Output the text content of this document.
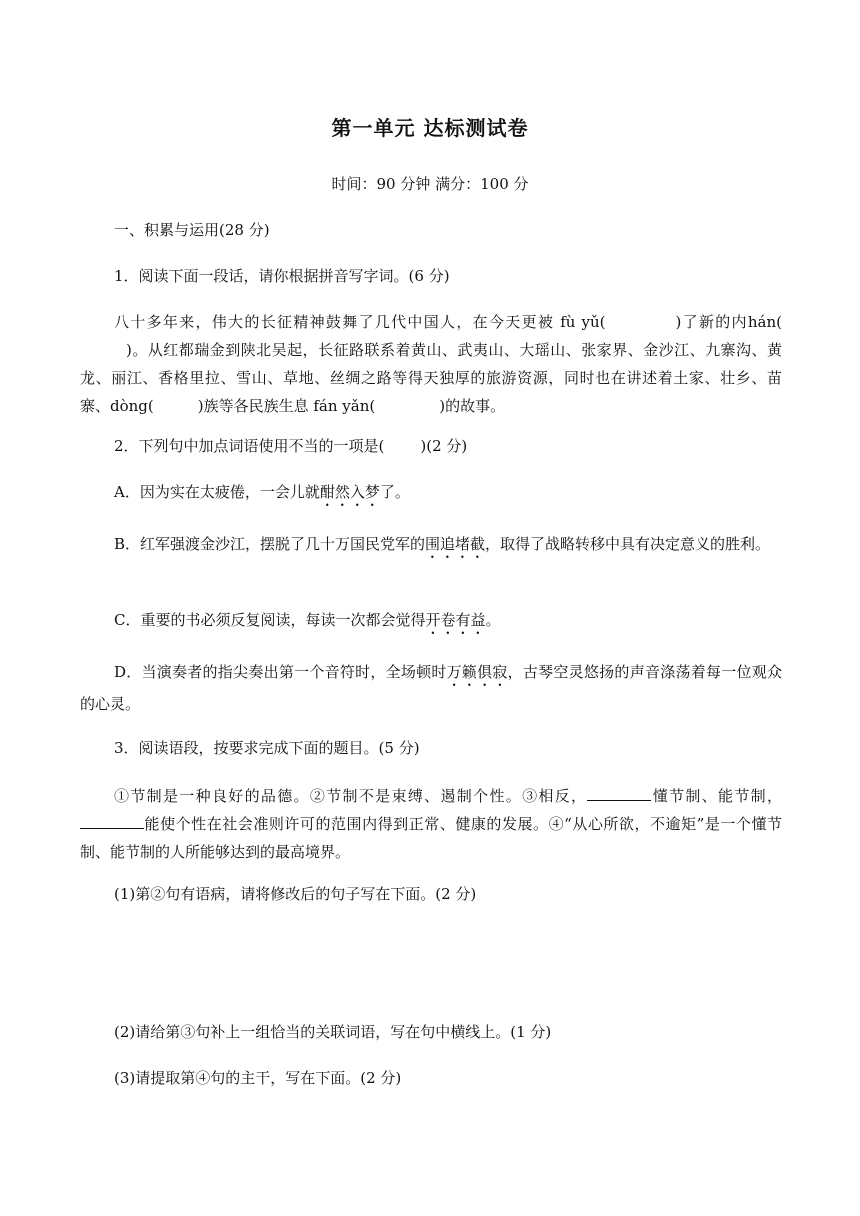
第一单元 达标测试卷
时间：90 分钟 满分：100 分
一、积累与运用(28 分)
1．阅读下面一段话，请你根据拼音写字词。(6 分)
八十多年来，伟大的长征精神鼓舞了几代中国人，在今天更被 fù yǔ(	)了新的内hán()。从红都瑞金到陕北吴起，长征路联系着黄山、武夷山、大瑶山、张家界、金沙江、九寨沟、黄龙、丽江、香格里拉、雪山、草地、丝绸之路等得天独厚的旅游资源，同时也在讲述着土家、壮乡、苗寨、dòng(	)族等各民族生息 fán yǎn(	)的故事。
2．下列句中加点词语使用不当的一项是( )(2 分)
A．因为实在太疲倦，一会儿就酣然入梦了。
B．红军强渡金沙江，摆脱了几十万国民党军的围追堵截，取得了战略转移中具有决定意义的胜利。
C．重要的书必须反复阅读，每读一次都会觉得开卷有益。
D．当演奏者的指尖奏出第一个音符时，全场顿时万籁俱寂，古琴空灵悠扬的声音涤荡着每一位观众的心灵。
3．阅读语段，按要求完成下面的题目。(5 分)
①节制是一种良好的品德。②节制不是束缚、遏制个性。③相反，	懂节制、能节制，能使个性在社会准则许可的范围内得到正常、健康的发展。④“从心所欲，不逾矩”是一个懂节制、能节制的人所能够达到的最高境界。
(1)第②句有语病，请将修改后的句子写在下面。(2 分)
(2)请给第③句补上一组恰当的关联词语，写在句中横线上。(1 分)
(3)请提取第④句的主干，写在下面。(2 分)
